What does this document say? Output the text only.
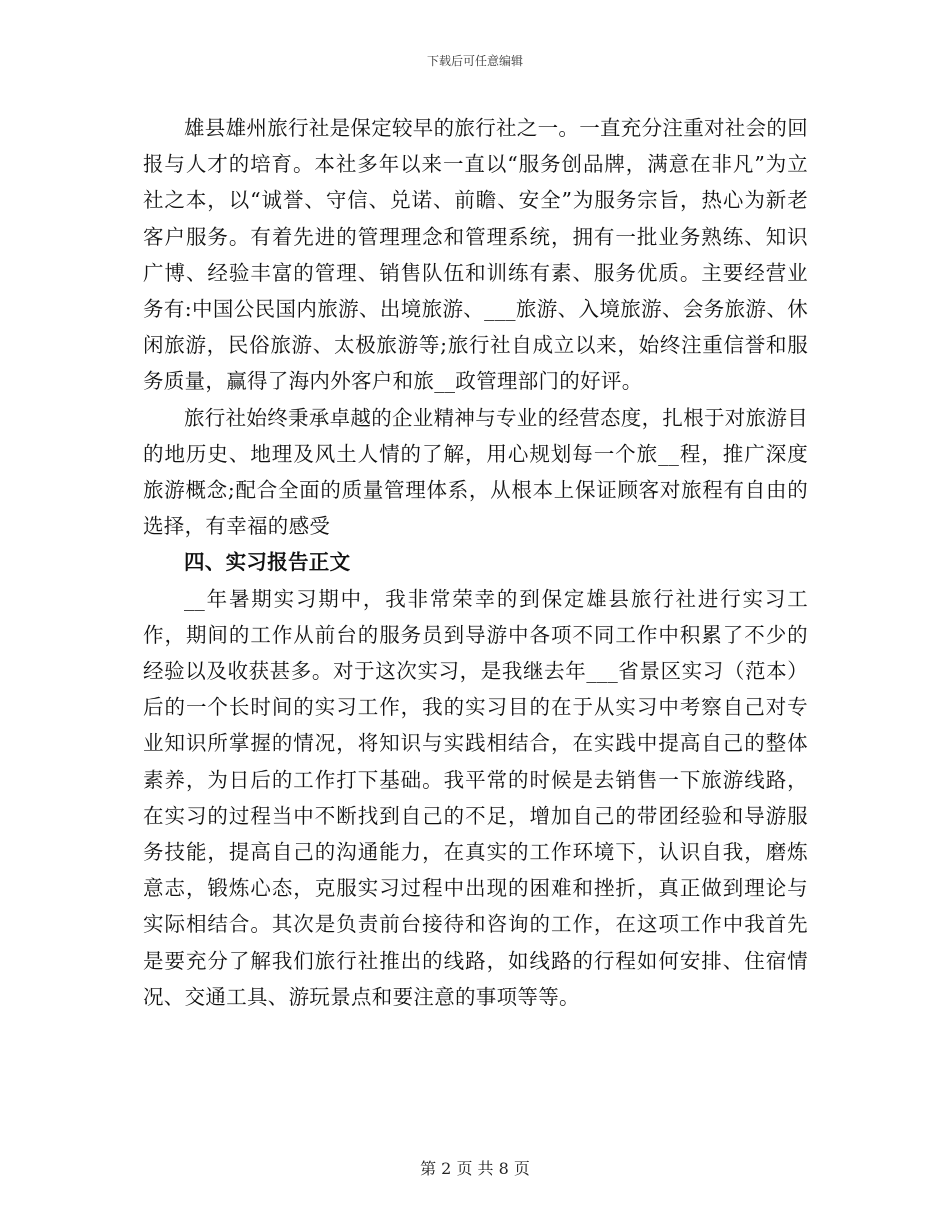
下载后可任意编辑

雄县雄州旅行社是保定较早的旅行社之一。一直充分注重对社会的回报与人才的培育。本社多年以来一直以“服务创品牌，满意在非凡”为立社之本，以“诚誉、守信、兑诺、前瞻、安全”为服务宗旨，热心为新老客户服务。有着先进的管理理念和管理系统，拥有一批业务熟练、知识广博、经验丰富的管理、销售队伍和训练有素、服务优质。主要经营业务有:中国公民国内旅游、出境旅游、___旅游、入境旅游、会务旅游、休闲旅游，民俗旅游、太极旅游等;旅行社自成立以来，始终注重信誉和服务质量，赢得了海内外客户和旅__政管理部门的好评。

旅行社始终秉承卓越的企业精神与专业的经营态度，扎根于对旅游目的地历史、地理及风土人情的了解，用心规划每一个旅__程，推广深度旅游概念;配合全面的质量管理体系，从根本上保证顾客对旅程有自由的选择，有幸福的感受

四、实习报告正文

__年暑期实习期中，我非常荣幸的到保定雄县旅行社进行实习工作，期间的工作从前台的服务员到导游中各项不同工作中积累了不少的经验以及收获甚多。对于这次实习，是我继去年___省景区实习（范本）后的一个长时间的实习工作，我的实习目的在于从实习中考察自己对专业知识所掌握的情况，将知识与实践相结合，在实践中提高自己的整体素养，为日后的工作打下基础。我平常的时候是去销售一下旅游线路，在实习的过程当中不断找到自己的不足，增加自己的带团经验和导游服务技能，提高自己的沟通能力，在真实的工作环境下，认识自我，磨炼意志，锻炼心态，克服实习过程中出现的困难和挫折，真正做到理论与实际相结合。其次是负责前台接待和咨询的工作，在这项工作中我首先是要充分了解我们旅行社推出的线路，如线路的行程如何安排、住宿情况、交通工具、游玩景点和要注意的事项等等。

第 2 页 共 8 页
